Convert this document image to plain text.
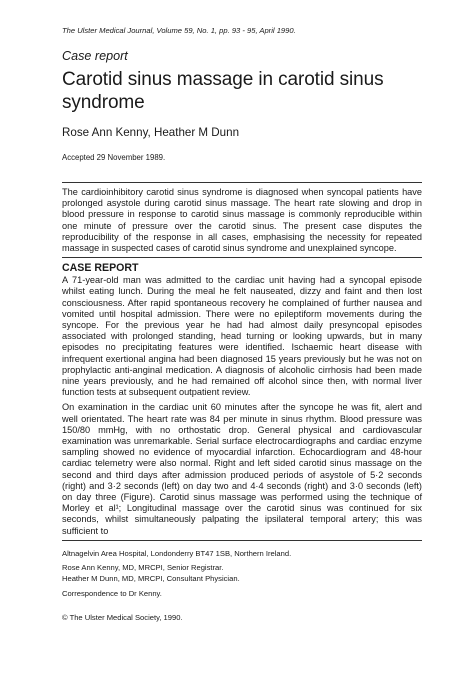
The Ulster Medical Journal, Volume 59, No. 1, pp. 93 - 95, April 1990.

Case report

Carotid sinus massage in carotid sinus syndrome

Rose Ann Kenny, Heather M Dunn

Accepted 29 November 1989.

The cardioinhibitory carotid sinus syndrome is diagnosed when syncopal patients have prolonged asystole during carotid sinus massage. The heart rate slowing and drop in blood pressure in response to carotid sinus massage is commonly reproducible within one minute of pressure over the carotid sinus. The present case disputes the reproducibility of the response in all cases, emphasising the necessity for repeated massage in suspected cases of carotid sinus syndrome and unexplained syncope.

CASE REPORT

A 71-year-old man was admitted to the cardiac unit having had a syncopal episode whilst eating lunch. During the meal he felt nauseated, dizzy and faint and then lost consciousness. After rapid spontaneous recovery he complained of further nausea and vomited until hospital admission. There were no epileptiform movements during the syncope. For the previous year he had had almost daily presyncopal episodes associated with prolonged standing, head turning or looking upwards, but in many episodes no precipitating features were identified. Ischaemic heart disease with infrequent exertional angina had been diagnosed 15 years previously but he was not on prophylactic anti-anginal medication. A diagnosis of alcoholic cirrhosis had been made nine years previously, and he had remained off alcohol since then, with normal liver function tests at subsequent outpatient review.

On examination in the cardiac unit 60 minutes after the syncope he was fit, alert and well orientated. The heart rate was 84 per minute in sinus rhythm. Blood pressure was 150/80 mmHg, with no orthostatic drop. General physical and cardiovascular examination was unremarkable. Serial surface electrocardiographs and cardiac enzyme sampling showed no evidence of myocardial infarction. Echocardiogram and 48-hour cardiac telemetry were also normal. Right and left sided carotid sinus massage on the second and third days after admission produced periods of asystole of 5·2 seconds (right) and 3·2 seconds (left) on day two and 4·4 seconds (right) and 3·0 seconds (left) on day three (Figure). Carotid sinus massage was performed using the technique of Morley et al¹; Longitudinal massage over the carotid sinus was continued for six seconds, whilst simultaneously palpating the ipsilateral temporal artery; this was sufficient to

Altnagelvin Area Hospital, Londonderry BT47 1SB, Northern Ireland.

Rose Ann Kenny, MD, MRCPI, Senior Registrar.

Heather M Dunn, MD, MRCPI, Consultant Physician.

Correspondence to Dr Kenny.

© The Ulster Medical Society, 1990.
